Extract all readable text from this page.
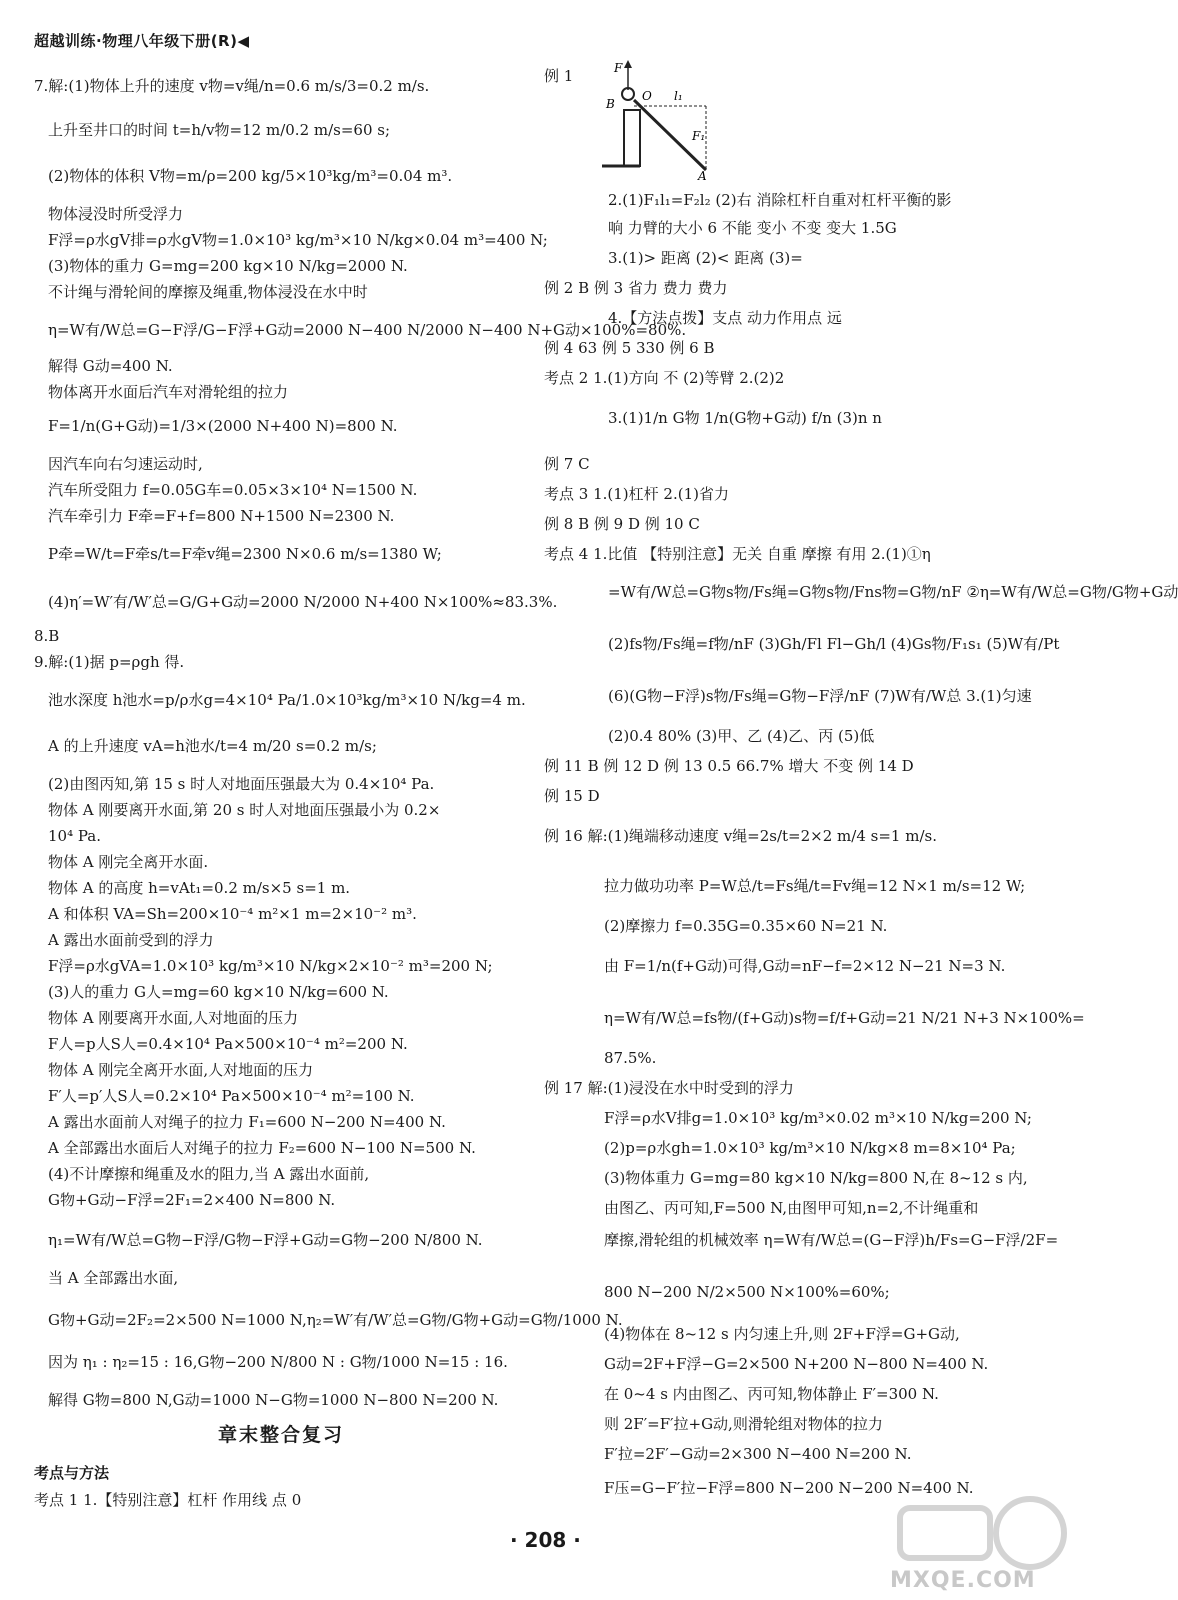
超越训练·物理八年级下册(R)◀
7.解:(1)物体上升的速度 v物=v绳/n=0.6 m/s/3=0.2 m/s.
上升至井口的时间 t=h/v物=12 m/0.2 m/s=60 s;
(2)物体的体积 V物=m/ρ=200 kg/5×10³kg/m³=0.04 m³.
物体浸没时所受浮力
F浮=ρ水gV排=ρ水gV物=1.0×10³ kg/m³×10 N/kg×0.04 m³=400 N;
(3)物体的重力 G=mg=200 kg×10 N/kg=2000 N.
不计绳与滑轮间的摩擦及绳重,物体浸没在水中时
η=W有/W总=G−F浮/G−F浮+G动=2000 N−400 N/2000 N−400 N+G动×100%=80%.
解得 G动=400 N.
物体离开水面后汽车对滑轮组的拉力
F=1/n(G+G动)=1/3×(2000 N+400 N)=800 N.
因汽车向右匀速运动时,
汽车所受阻力 f=0.05G车=0.05×3×10⁴ N=1500 N.
汽车牵引力 F牵=F+f=800 N+1500 N=2300 N.
P牵=W/t=F牵s/t=F牵v绳=2300 N×0.6 m/s=1380 W;
(4)η′=W′有/W′总=G/G+G动=2000 N/2000 N+400 N×100%≈83.3%.
8.B
9.解:(1)据 p=ρgh 得.
池水深度 h池水=p/ρ水g=4×10⁴ Pa/1.0×10³kg/m³×10 N/kg=4 m.
A 的上升速度 vA=h池水/t=4 m/20 s=0.2 m/s;
(2)由图丙知,第 15 s 时人对地面压强最大为 0.4×10⁴ Pa.
物体 A 刚要离开水面,第 20 s 时人对地面压强最小为 0.2×
10⁴ Pa.
物体 A 刚完全离开水面.
物体 A 的高度 h=vAt₁=0.2 m/s×5 s=1 m.
A 和体积 VA=Sh=200×10⁻⁴ m²×1 m=2×10⁻² m³.
A 露出水面前受到的浮力
F浮=ρ水gVA=1.0×10³ kg/m³×10 N/kg×2×10⁻² m³=200 N;
(3)人的重力 G人=mg=60 kg×10 N/kg=600 N.
物体 A 刚要离开水面,人对地面的压力
F人=p人S人=0.4×10⁴ Pa×500×10⁻⁴ m²=200 N.
物体 A 刚完全离开水面,人对地面的压力
F′人=p′人S人=0.2×10⁴ Pa×500×10⁻⁴ m²=100 N.
A 露出水面前人对绳子的拉力 F₁=600 N−200 N=400 N.
A 全部露出水面后人对绳子的拉力 F₂=600 N−100 N=500 N.
(4)不计摩擦和绳重及水的阻力,当 A 露出水面前,
G物+G动−F浮=2F₁=2×400 N=800 N.
η₁=W有/W总=G物−F浮/G物−F浮+G动=G物−200 N/800 N.
当 A 全部露出水面,
G物+G动=2F₂=2×500 N=1000 N,η₂=W′有/W′总=G物/G物+G动=G物/1000 N.
因为 η₁ : η₂=15 : 16,G物−200 N/800 N : G物/1000 N=15 : 16.
解得 G物=800 N,G动=1000 N−G物=1000 N−800 N=200 N.
章末整合复习
考点与方法
考点 1 1.【特别注意】杠杆 作用线 点 0
例 1	F
B
O l₁
F₁
A
2.(1)F₁l₁=F₂l₂ (2)右 消除杠杆自重对杠杆平衡的影
响 力臂的大小 6 不能 变小 不变 变大 1.5G
3.(1)> 距离 (2)< 距离 (3)=
例 2 B 例 3 省力 费力 费力
4.【方法点拨】支点 动力作用点 远
例 4 63 例 5 330 例 6 B
考点 2 1.(1)方向 不 (2)等臂 2.(2)2
3.(1)1/n G物 1/n(G物+G动) f/n (3)n n
例 7 C
考点 3 1.(1)杠杆 2.(1)省力
例 8 B 例 9 D 例 10 C
考点 4 1.比值 【特别注意】无关 自重 摩擦 有用 2.(1)①η
=W有/W总=G物s物/Fs绳=G物s物/Fns物=G物/nF ②η=W有/W总=G物/G物+G动
(2)fs物/Fs绳=f物/nF (3)Gh/Fl Fl−Gh/l (4)Gs物/F₁s₁ (5)W有/Pt
(6)(G物−F浮)s物/Fs绳=G物−F浮/nF (7)W有/W总 3.(1)匀速
(2)0.4 80% (3)甲、乙 (4)乙、丙 (5)低
例 11 B 例 12 D 例 13 0.5 66.7% 增大 不变 例 14 D
例 15 D
例 16 解:(1)绳端移动速度 v绳=2s/t=2×2 m/4 s=1 m/s.
拉力做功功率 P=W总/t=Fs绳/t=Fv绳=12 N×1 m/s=12 W;
(2)摩擦力 f=0.35G=0.35×60 N=21 N.
由 F=1/n(f+G动)可得,G动=nF−f=2×12 N−21 N=3 N.
η=W有/W总=fs物/(f+G动)s物=f/f+G动=21 N/21 N+3 N×100%=
87.5%.
例 17 解:(1)浸没在水中时受到的浮力
F浮=ρ水V排g=1.0×10³ kg/m³×0.02 m³×10 N/kg=200 N;
(2)p=ρ水gh=1.0×10³ kg/m³×10 N/kg×8 m=8×10⁴ Pa;
(3)物体重力 G=mg=80 kg×10 N/kg=800 N,在 8~12 s 内,
由图乙、丙可知,F=500 N,由图甲可知,n=2,不计绳重和
摩擦,滑轮组的机械效率 η=W有/W总=(G−F浮)h/Fs=G−F浮/2F=
800 N−200 N/2×500 N×100%=60%;
(4)物体在 8~12 s 内匀速上升,则 2F+F浮=G+G动,
G动=2F+F浮−G=2×500 N+200 N−800 N=400 N.
在 0~4 s 内由图乙、丙可知,物体静止 F′=300 N.
则 2F′=F′拉+G动,则滑轮组对物体的拉力
F′拉=2F′−G动=2×300 N−400 N=200 N.
F压=G−F′拉−F浮=800 N−200 N−200 N=400 N.
· 208 ·
MXQE.COM
